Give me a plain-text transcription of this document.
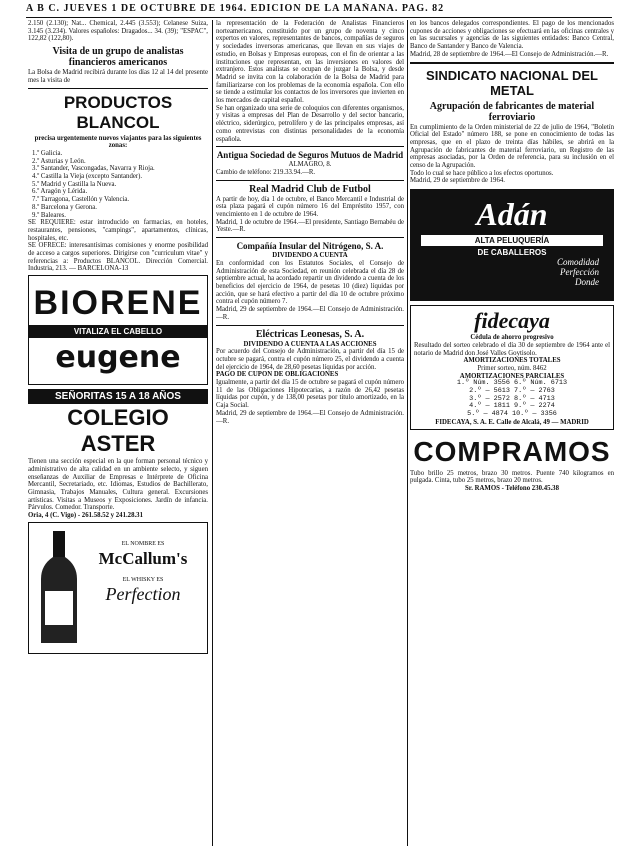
A B C. JUEVES 1 DE OCTUBRE DE 1964. EDICION DE LA MAÑANA. PAG. 82

2.150 (2.130); Nat... Chemical, 2.445 (3.553); Celanese Suiza, 3.145 (3.234). Valores españoles: Dragados... 34. (39); "ESPAC", 122,82 (122,80).

Visita de un grupo de analistas financieros americanos

La Bolsa de Madrid recibirá durante los días 12 al 14 del presente mes la visita de

PRODUCTOS BLANCOL

precisa urgentemente nuevos viajantes para las siguientes zonas:

1.º Galicia.
2.º Asturias y León.
3.º Santander, Vascongadas, Navarra y Rioja.
4.º Castilla la Vieja (excepto Santander).
5.º Madrid y Castilla la Nueva.
6.º Aragón y Lérida.
7.º Tarragona, Castellón y Valencia.
8.º Barcelona y Gerona.
9.º Baleares.

SE REQUIERE: estar introducido en farmacias, en hoteles, restaurantes, pensiones, "campings", apartamentos, clínicas, hospitales, etc.

SE OFRECE: interesantísimas comisiones y enorme posibilidad de acceso a cargos superiores. Dirigirse con "curriculum vitae" y referencias a: Productos BLANCOL. Dirección Comercial. Industria, 213. — BARCELONA-13

BIORENE
VITALIZA EL CABELLO
eugene
SEÑORITAS 15 A 18 AÑOS
COLEGIO ASTER

Tienen una sección especial en la que forman personal técnico y administrativo de alta calidad en un ambiente selecto, y siguen enseñanzas de Auxiliar de Empresas e Intérprete de Oficina Mercantil, Secretariado, etc. Idiomas, Estudios de Bachillerato, Gimnasia, Trabajos Manuales, Cultura general. Excursiones artísticas. Visitas a Museos y Exposiciones. Jardín de infancia. Párvulos. Comedor. Transporte.

Oria, 4 (C. Vigo) - 261.58.52 y 241.28.31

EL NOMBRE ES
McCallum's
EL WHISKY ES
Perfection

la representación de la Federación de Analistas Financieros norteamericanos, constituido por un grupo de noventa y cinco expertos en valores, representantes de bancos, compañías de seguros y sociedades inversoras americanas, que llevan en sus viajes de estudio, en Bolsas y Empresas europeas, con el fin de orientar a las instituciones que representan, en las inversiones en valores del extranjero. Estos analistas se ocupan de juzgar la Bolsa, y desde Madrid se invita con la colaboración de la Bolsa de Madrid para familiarizarse con los problemas de la economía española. Con ello se tiende a estimular los contactos de los inversores que invierten en los mercados de capital español.

Se han organizado una serie de coloquios con diferentes organismos, y visitas a empresas del Plan de Desarrollo y del sector bancario, eléctrico, siderúrgico, petrolífero y de las principales empresas, así como entrevistas con distintas personalidades de la economía española.

Antigua Sociedad de Seguros Mutuos de Madrid

ALMAGRO, 8.

Cambio de teléfono: 219.33.94.—R.

Real Madrid Club de Futbol

A partir de hoy, día 1 de octubre, el Banco Mercantil e Industrial de esta plaza pagará el cupón número 16 del Empréstito 1957, con vencimiento en 1 de octubre de 1964.

Madrid, 1 de octubre de 1964.—El presidente, Santiago Bernabéu de Yeste.—R.

Compañía Insular del Nitrógeno, S. A.

DIVIDENDO A CUENTA

En conformidad con los Estatutos Sociales, el Consejo de Administración de esta Sociedad, en reunión celebrada el día 28 de septiembre actual, ha acordado repartir un dividendo a cuenta de los beneficios del ejercicio de 1964, de pesetas 10 (diez) líquidas por acción, que se hará efectivo a partir del día 10 de octubre próximo contra el cupón número 7.

Madrid, 29 de septiembre de 1964.—El Consejo de Administración.—R.

Eléctricas Leonesas, S. A.

DIVIDENDO A CUENTA A LAS ACCIONES

Por acuerdo del Consejo de Administración, a partir del día 15 de octubre se pagará, contra el cupón número 25, el dividendo a cuenta del ejercicio de 1964, de 28,60 pesetas líquidas por acción.

PAGO DE CUPON DE OBLIGACIONES

Igualmente, a partir del día 15 de octubre se pagará el cupón número 11 de las Obligaciones Hipotecarias, a razón de 26,42 pesetas líquidas por cupón, y de 138,00 pesetas por título amortizado, en la Caja Social.

Madrid, 29 de septiembre de 1964.—El Consejo de Administración.—R.

en los bancos delegados correspondientes. El pago de los mencionados cupones de acciones y obligaciones se efectuará en las oficinas centrales y en las sucursales y agencias de las siguientes entidades: Banco Central, Banco de Santander y Banco de Valencia.

Madrid, 28 de septiembre de 1964.—El Consejo de Administración.—R.

SINDICATO NACIONAL DEL METAL

Agrupación de fabricantes de material ferroviario

En cumplimiento de la Orden ministerial de 22 de julio de 1964, "Boletín Oficial del Estado" número 188, se pone en conocimiento de todas las empresas, que en el plazo de treinta días hábiles, se abrirá en la Agrupación de fabricantes de material ferroviario, un Registro de las empresas asociadas, por la Orden de referencia, para su inclusión en el censo de la Agrupación.

Todo lo cual se hace público a los efectos oportunos.

Madrid, 29 de septiembre de 1964.

Adán
ALTA PELUQUERÍA
DE CABALLEROS
Comodidad
Perfección
Donde
fidecaya

Cédula de ahorro progresivo

Resultado del sorteo celebrado el día 30 de septiembre de 1964 ante el notario de Madrid don José Valles Goytisolo.

AMORTIZACIONES TOTALES

Primer sorteo, núm. 8462

AMORTIZACIONES PARCIALES

1.º Núm. 3556 6.º Núm. 6713

2.º — 5613 7.º — 2763

3.º — 2572 8.º — 4713

4.º — 1811 9.º — 2274

5.º — 4874 10.º — 3356

FIDECAYA, S. A. E. Calle de Alcalá, 49 — MADRID

COMPRAMOS

Tubo brillo 25 metros, brazo 30 metros. Puente 740 kilogramos en pulgada. Cinta, tubo 25 metros, brazo 20 metros.

Sr. RAMOS - Teléfono 230.45.38
